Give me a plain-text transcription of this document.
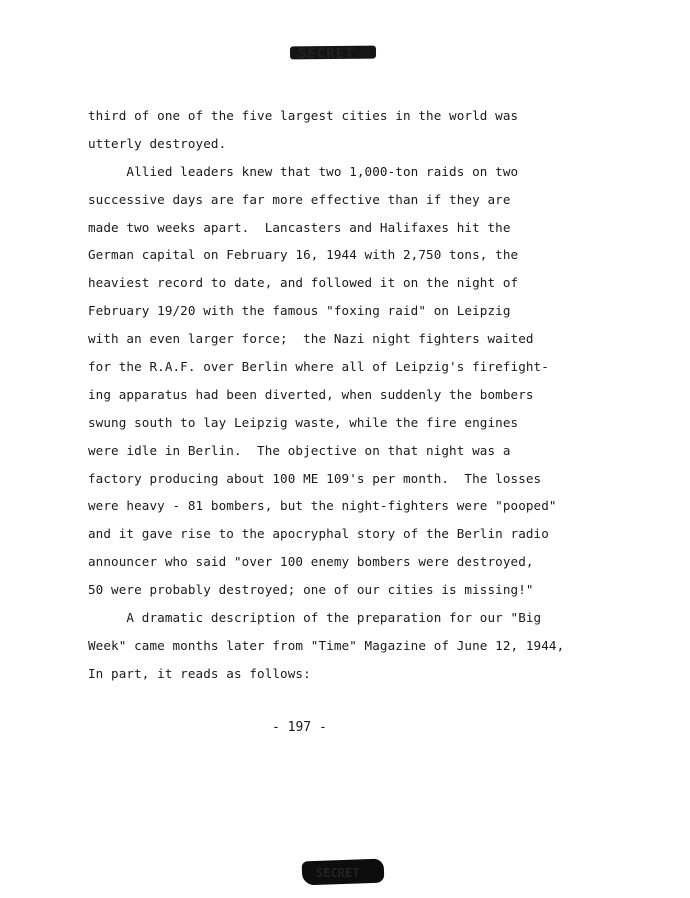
SECRET
third of one of the five largest cities in the world was
utterly destroyed.
Allied leaders knew that two 1,000-ton raids on two
successive days are far more effective than if they are
made two weeks apart.  Lancasters and Halifaxes hit the
German capital on February 16, 1944 with 2,750 tons, the
heaviest record to date, and followed it on the night of
February 19/20 with the famous "foxing raid" on Leipzig
with an even larger force;  the Nazi night fighters waited
for the R.A.F. over Berlin where all of Leipzig's firefight-
ing apparatus had been diverted, when suddenly the bombers
swung south to lay Leipzig waste, while the fire engines
were idle in Berlin.  The objective on that night was a
factory producing about 100 ME 109's per month.  The losses
were heavy - 81 bombers, but the night-fighters were "pooped"
and it gave rise to the apocryphal story of the Berlin radio
announcer who said "over 100 enemy bombers were destroyed,
50 were probably destroyed; one of our cities is missing!"
A dramatic description of the preparation for our "Big
Week" came months later from "Time" Magazine of June 12, 1944,
In part, it reads as follows:
- 197 -
SECRET
